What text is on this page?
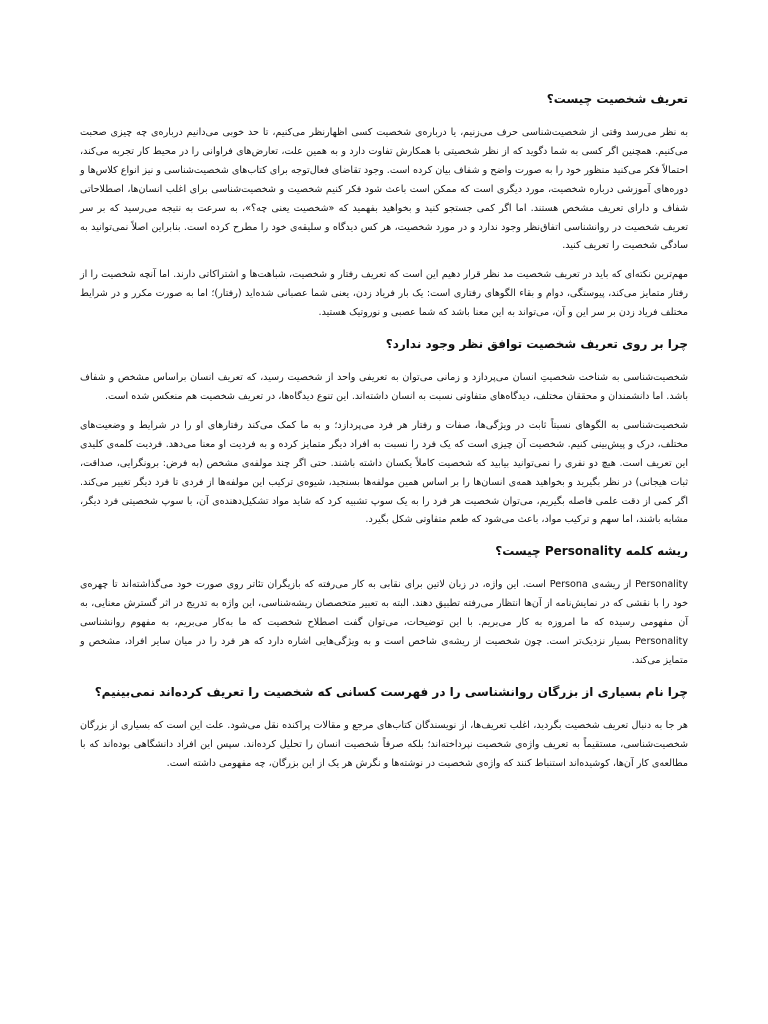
تعریف شخصیت چیست؟

به نظر می‌رسد وقتی از شخصیت‌شناسی حرف می‌زنیم، یا درباره‌ی شخصیت کسی اظهارنظر می‌کنیم، تا حد خوبی می‌دانیم درباره‌ی چه چیزی صحبت می‌کنیم. همچنین اگر کسی به شما دگوید که از نظر شخصیتی با همکارش تفاوت دارد و به همین علت، تعارض‌های فراوانی را در محیط کار تجربه می‌کند، احتمالاً فکر می‌کنید منظور خود را به صورت واضح و شفاف بیان کرده است. وجود تقاضای فعال‌توجه برای کتاب‌های شخصیت‌شناسی و نیز انواع کلاس‌ها و دوره‌های آموزشی درباره شخصیت، مورد دیگری است که ممکن است باعث شود فکر کنیم شخصیت و شخصیت‌شناسی برای اغلب انسان‌ها، اصطلاحاتی شفاف و دارای تعریف مشخص هستند. اما اگر کمی جستجو کنید و بخواهید بفهمید که «شخصیت یعنی چه؟»، به سرعت به نتیجه می‌رسید که بر سر تعریف شخصیت در روانشناسی اتفاق‌نظر وجود ندارد و در مورد شخصیت، هر کس دیدگاه و سلیقه‌ی خود را مطرح کرده است. بنابراین اصلاً نمی‌توانید به سادگی شخصیت را تعریف کنید.

مهم‌ترین نکته‌ای که باید در تعریف شخصیت مد نظر قرار دهیم این است که تعریف رفتار و شخصیت، شباهت‌ها و اشتراکاتی دارند. اما آنچه شخصیت را از رفتار متمایز می‌کند، پیوستگی، دوام و بقاء الگوهای رفتاری است: یک بار فریاد زدن، یعنی شما عصبانی شده‌اید (رفتار)؛ اما به صورت مکرر و در شرایط مختلف فریاد زدن بر سر این و آن، می‌تواند به این معنا باشد که شما عصبی و نوروتیک هستید.

چرا بر روی تعریف شخصیت توافق نظر وجود ندارد؟

شخصیت‌شناسی به شناخت شخصیتِ انسان می‌پردازد و زمانی می‌توان به تعریفی واحد از شخصیت رسید، که تعریف انسان براساس مشخص و شفاف باشد. اما دانشمندان و محققان مختلف، دیدگاه‌های متفاوتی نسبت به انسان داشته‌اند. این تنوع دیدگاه‌ها، در تعریف شخصیت هم منعکس شده است.

شخصیت‌شناسی به الگوهای نسبتاً ثابت در ویژگی‌ها، صفات و رفتار هر فرد می‌پردازد؛ و به ما کمک می‌کند رفتارهای او را در شرایط و وضعیت‌های مختلف، درک و پیش‌بینی کنیم. شخصیت آن چیزی است که یک فرد را نسبت به افراد دیگر متمایز کرده و به فردیت او معنا می‌دهد. فردیت کلمه‌ی کلیدی این تعریف است. هیچ دو نفری را نمی‌توانید بیابید که شخصیت کاملاً یکسان داشته باشند. حتی اگر چند مولفه‌ی مشخص (به فرض: برونگرایی، صداقت، ثبات هیجانی) در نظر بگیرید و بخواهید همه‌ی انسان‌ها را بر اساس همین مولفه‌ها بسنجید، شیوه‌ی ترکیب این مولفه‌ها از فردی تا فرد دیگر تغییر می‌کند. اگر کمی از دقت علمی فاصله بگیریم، می‌توان شخصیت هر فرد را به یک سوپ تشبیه کرد که شاید مواد تشکیل‌دهنده‌ی آن، با سوپ شخصیتی فرد دیگر، مشابه باشند، اما سهم و ترکیب مواد، باعث می‌شود که طعم متفاوتی شکل بگیرد.

ریشه کلمه Personality چیست؟

Personality از ریشه‌ی Persona است. این واژه، در زبان لاتین برای نقابی به کار می‌رفته که بازیگران تئاتر روی صورت خود می‌گذاشته‌اند تا چهره‌ی خود را با نقشی که در نمایش‌نامه از آن‌ها انتظار می‌رفته تطبیق دهند. البته به تعبیر متخصصان ریشه‌شناسی، این واژه به تدریج در اثر گسترش معنایی، به آن مفهومی رسیده که ما امروزه به کار می‌بریم. با این توضیحات، می‌توان گفت اصطلاح شخصیت که ما به‌کار می‌بریم، به مفهوم روانشناسی Personality بسیار نزدیک‌تر است. چون شخصیت از ریشه‌ی شاخص است و به ویژگی‌هایی اشاره دارد که هر فرد را در میان سایر افراد، مشخص و متمایز می‌کند.

چرا نام بسیاری از بزرگان روانشناسی را در فهرست کسانی که شخصیت را تعریف کرده‌اند نمی‌بینیم؟

هر جا به دنبال تعریف شخصیت بگردید، اغلب تعریف‌ها، از نویسندگان کتاب‌های مرجع و مقالات پراکنده نقل می‌شود. علت این است که بسیاری از بزرگان شخصیت‌شناسی، مستقیماً به تعریف واژه‌ی شخصیت نپرداخته‌اند؛ بلکه صرفاً شخصیت انسان را تحلیل کرده‌اند. سپس این افراد دانشگاهی بوده‌اند که با مطالعه‌ی کار آن‌ها، کوشیده‌اند استنباط کنند که واژه‌ی شخصیت در نوشته‌ها و نگرش هر یک از این بزرگان، چه مفهومی داشته است.
